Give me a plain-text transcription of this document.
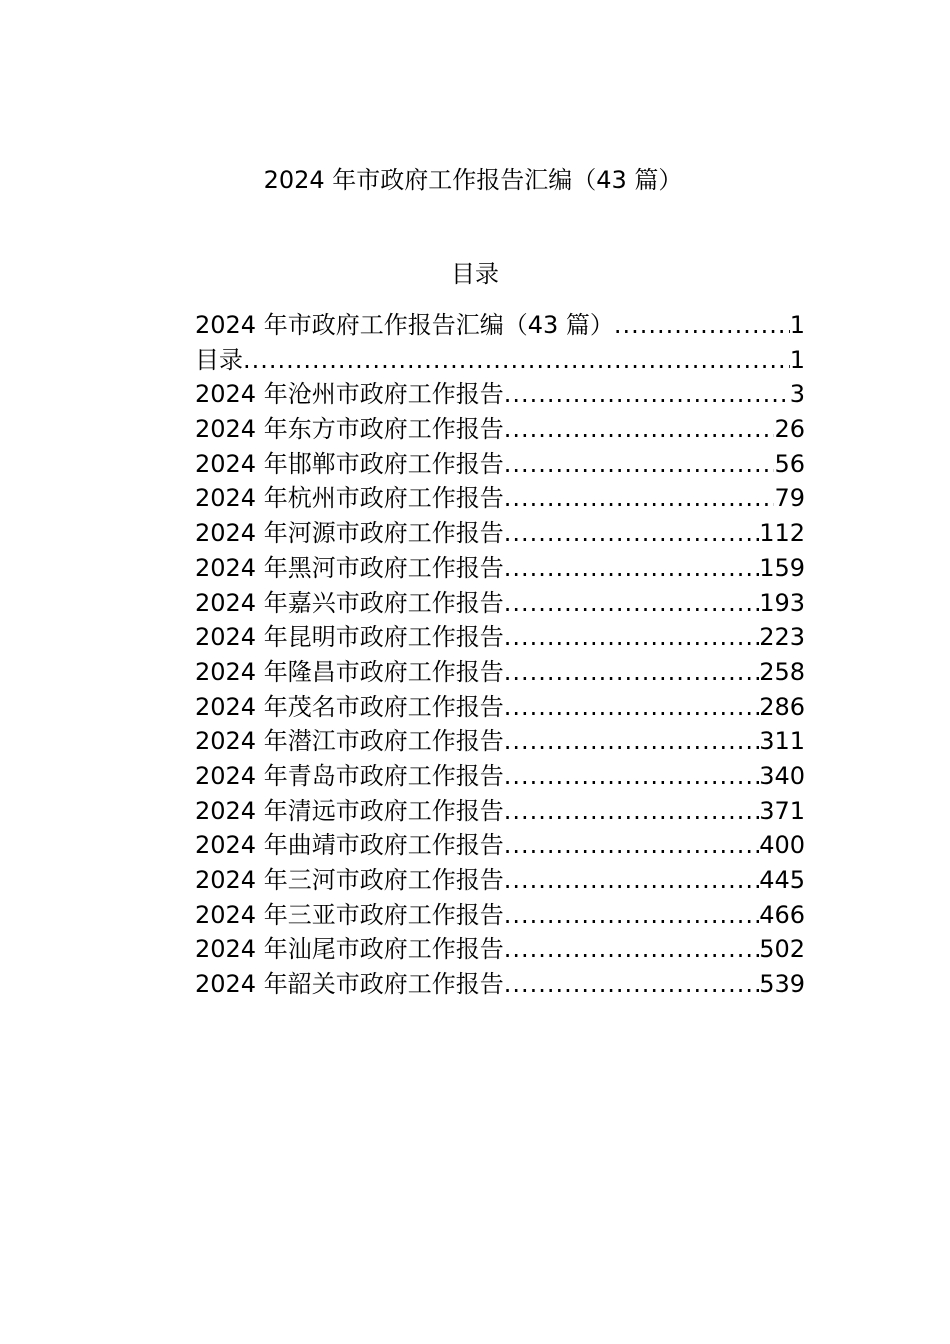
2024 年市政府工作报告汇编（43 篇）
目录
2024 年市政府工作报告汇编（43 篇） .....	1
目录 .....	1
2024 年沧州市政府工作报告 .....	3
2024 年东方市政府工作报告 .....	26
2024 年邯郸市政府工作报告 .....	56
2024 年杭州市政府工作报告 .....	79
2024 年河源市政府工作报告 .....	112
2024 年黑河市政府工作报告 .....	159
2024 年嘉兴市政府工作报告 .....	193
2024 年昆明市政府工作报告 .....	223
2024 年隆昌市政府工作报告 .....	258
2024 年茂名市政府工作报告 .....	286
2024 年潜江市政府工作报告 .....	311
2024 年青岛市政府工作报告 .....	340
2024 年清远市政府工作报告 .....	371
2024 年曲靖市政府工作报告 .....	400
2024 年三河市政府工作报告 .....	445
2024 年三亚市政府工作报告 .....	466
2024 年汕尾市政府工作报告 .....	502
2024 年韶关市政府工作报告 .....	539
